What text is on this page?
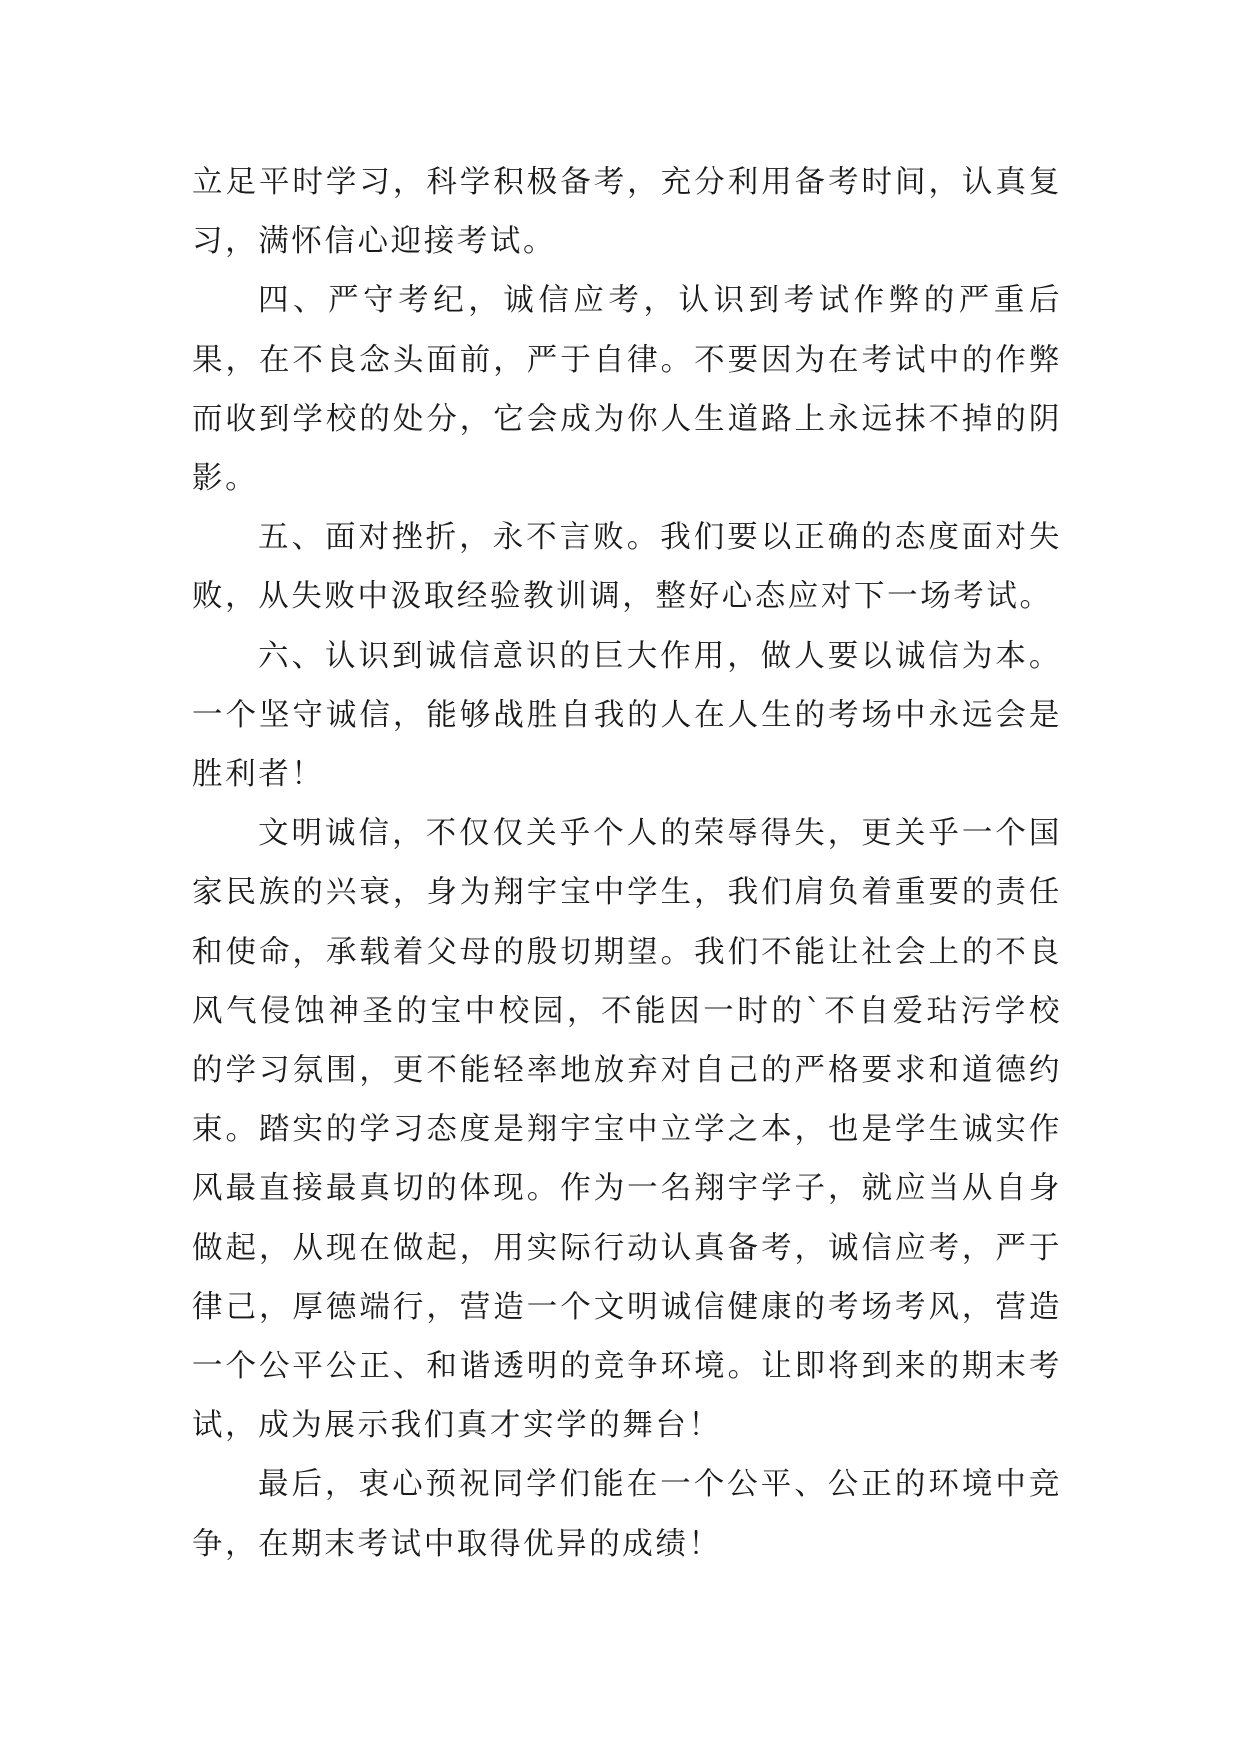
立足平时学习，科学积极备考，充分利用备考时间，认真复习，满怀信心迎接考试。

四、严守考纪，诚信应考，认识到考试作弊的严重后果，在不良念头面前，严于自律。不要因为在考试中的作弊而收到学校的处分，它会成为你人生道路上永远抹不掉的阴影。

五、面对挫折，永不言败。我们要以正确的态度面对失败，从失败中汲取经验教训调，整好心态应对下一场考试。

六、认识到诚信意识的巨大作用，做人要以诚信为本。一个坚守诚信，能够战胜自我的人在人生的考场中永远会是胜利者！

文明诚信，不仅仅关乎个人的荣辱得失，更关乎一个国家民族的兴衰，身为翔宇宝中学生，我们肩负着重要的责任和使命，承载着父母的殷切期望。我们不能让社会上的不良风气侵蚀神圣的宝中校园，不能因一时的`不自爱玷污学校的学习氛围，更不能轻率地放弃对自己的严格要求和道德约束。踏实的学习态度是翔宇宝中立学之本，也是学生诚实作风最直接最真切的体现。作为一名翔宇学子，就应当从自身做起，从现在做起，用实际行动认真备考，诚信应考，严于律己，厚德端行，营造一个文明诚信健康的考场考风，营造一个公平公正、和谐透明的竞争环境。让即将到来的期末考试，成为展示我们真才实学的舞台！

最后，衷心预祝同学们能在一个公平、公正的环境中竞争，在期末考试中取得优异的成绩！
